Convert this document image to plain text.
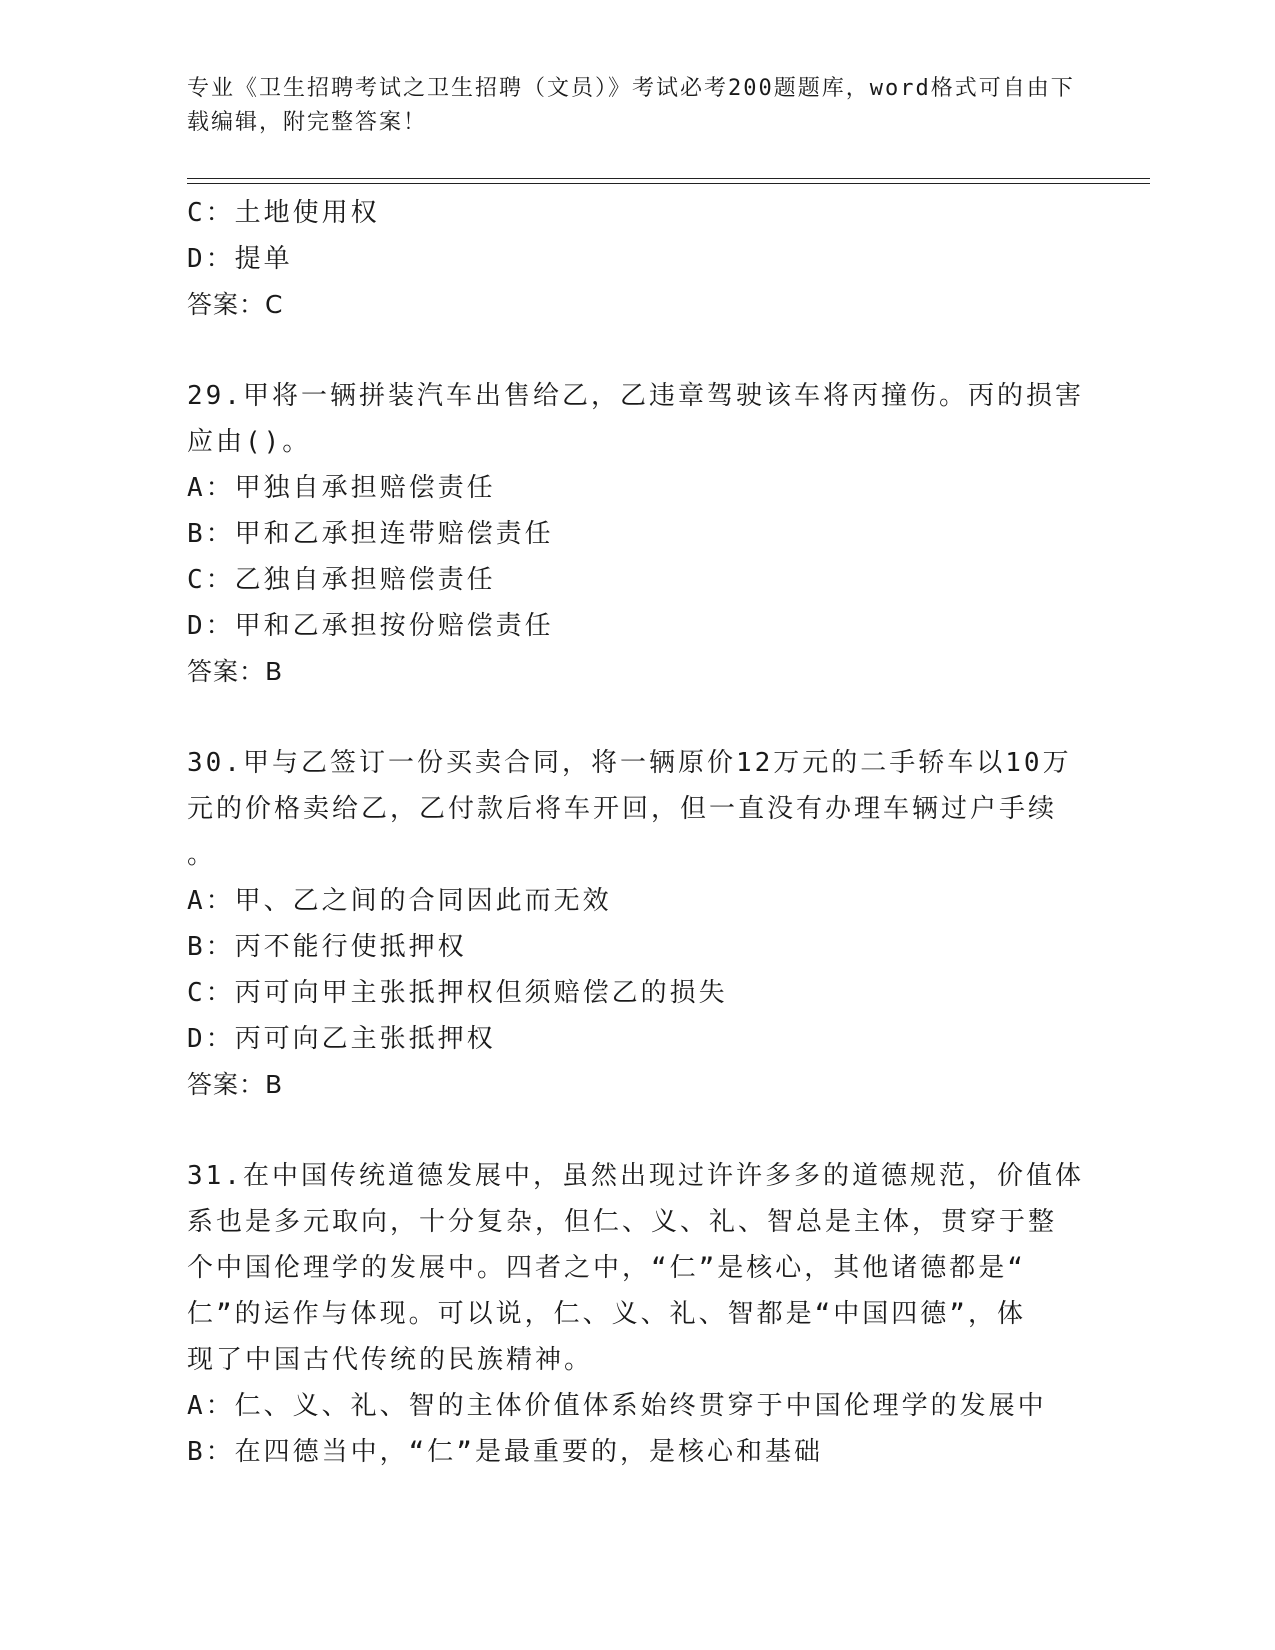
专业《卫生招聘考试之卫生招聘（文员）》考试必考200题题库，word格式可自由下载编辑，附完整答案！
C：土地使用权
D：提单
答案：C
29.甲将一辆拼装汽车出售给乙，乙违章驾驶该车将丙撞伤。丙的损害
应由()。
A：甲独自承担赔偿责任
B：甲和乙承担连带赔偿责任
C：乙独自承担赔偿责任
D：甲和乙承担按份赔偿责任
答案：B
30.甲与乙签订一份买卖合同，将一辆原价12万元的二手轿车以10万
元的价格卖给乙，乙付款后将车开回，但一直没有办理车辆过户手续
。
A：甲、乙之间的合同因此而无效
B：丙不能行使抵押权
C：丙可向甲主张抵押权但须赔偿乙的损失
D：丙可向乙主张抵押权
答案：B
31.在中国传统道德发展中，虽然出现过许许多多的道德规范，价值体
系也是多元取向，十分复杂，但仁、义、礼、智总是主体，贯穿于整
个中国伦理学的发展中。四者之中，“仁”是核心，其他诸德都是“
仁”的运作与体现。可以说，仁、义、礼、智都是“中国四德”，体
现了中国古代传统的民族精神。
A：仁、义、礼、智的主体价值体系始终贯穿于中国伦理学的发展中
B：在四德当中，“仁”是最重要的，是核心和基础
